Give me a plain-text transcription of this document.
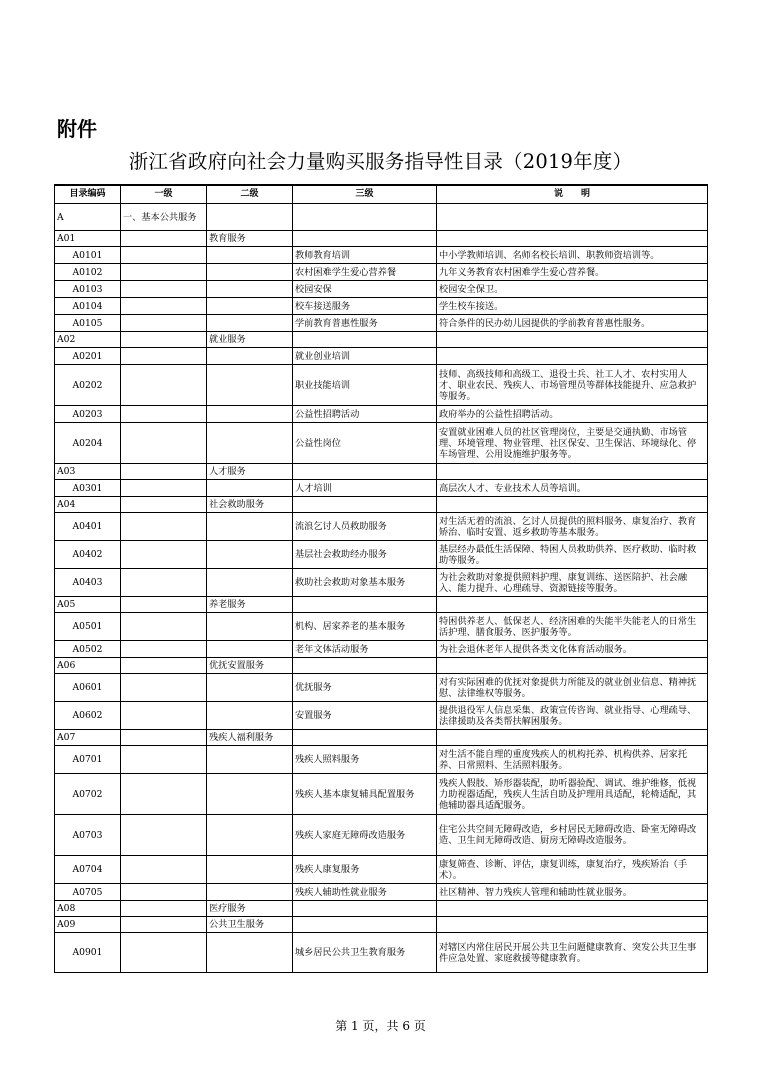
附件
浙江省政府向社会力量购买服务指导性目录（2019年度）
目录编码	一级	二级	三级	说　　明
A	一、基本公共服务			
A01		教育服务		
A0101			教师教育培训	中小学教师培训、名师名校长培训、职教师资培训等。
A0102			农村困难学生爱心营养餐	九年义务教育农村困难学生爱心营养餐。
A0103			校园安保	校园安全保卫。
A0104			校车接送服务	学生校车接送。
A0105			学前教育普惠性服务	符合条件的民办幼儿园提供的学前教育普惠性服务。
A02		就业服务		
A0201			就业创业培训	
A0202			职业技能培训	技师、高级技师和高级工、退役士兵、社工人才、农村实用人才、职业农民、残疾人、市场管理员等群体技能提升、应急救护等服务。
A0203			公益性招聘活动	政府举办的公益性招聘活动。
A0204			公益性岗位	安置就业困难人员的社区管理岗位，主要是交通执勤、市场管理、环境管理、物业管理、社区保安、卫生保洁、环境绿化、停车场管理、公用设施维护服务等。
A03		人才服务		
A0301			人才培训	高层次人才、专业技术人员等培训。
A04		社会救助服务		
A0401			流浪乞讨人员救助服务	对生活无着的流浪、乞讨人员提供的照料服务、康复治疗、教育矫治、临时安置、返乡救助等基本服务。
A0402			基层社会救助经办服务	基层经办最低生活保障、特困人员救助供养、医疗救助、临时救助等服务。
A0403			救助社会救助对象基本服务	为社会救助对象提供照料护理、康复训练、送医陪护、社会融入、能力提升、心理疏导、资源链接等服务。
A05		养老服务		
A0501			机构、居家养老的基本服务	特困供养老人、低保老人、经济困难的失能半失能老人的日常生活护理、膳食服务、医护服务等。
A0502			老年文体活动服务	为社会退休老年人提供各类文化体育活动服务。
A06		优抚安置服务		
A0601			优抚服务	对有实际困难的优抚对象提供力所能及的就业创业信息、精神抚慰、法律维权等服务。
A0602			安置服务	提供退役军人信息采集、政策宣传咨询、就业指导、心理疏导、法律援助及各类帮扶解困服务。
A07		残疾人福利服务		
A0701			残疾人照料服务	对生活不能自理的重度残疾人的机构托养、机构供养、居家托养、日常照料、生活照料服务。
A0702			残疾人基本康复辅具配置服务	残疾人假肢、矫形器装配，助听器验配、调试、维护维修，低视力助视器适配，残疾人生活自助及护理用具适配，轮椅适配，其他辅助器具适配服务。
A0703			残疾人家庭无障碍改造服务	住宅公共空间无障碍改造，乡村居民无障碍改造、卧室无障碍改造、卫生间无障碍改造、厨房无障碍改造服务。
A0704			残疾人康复服务	康复筛查、诊断、评估，康复训练，康复治疗，残疾矫治（手术）。
A0705			残疾人辅助性就业服务	社区精神、智力残疾人管理和辅助性就业服务。
A08		医疗服务		
A09		公共卫生服务		
A0901			城乡居民公共卫生教育服务	对辖区内常住居民开展公共卫生问题健康教育、突发公共卫生事件应急处置、家庭救援等健康教育。
第 1 页，共 6 页
